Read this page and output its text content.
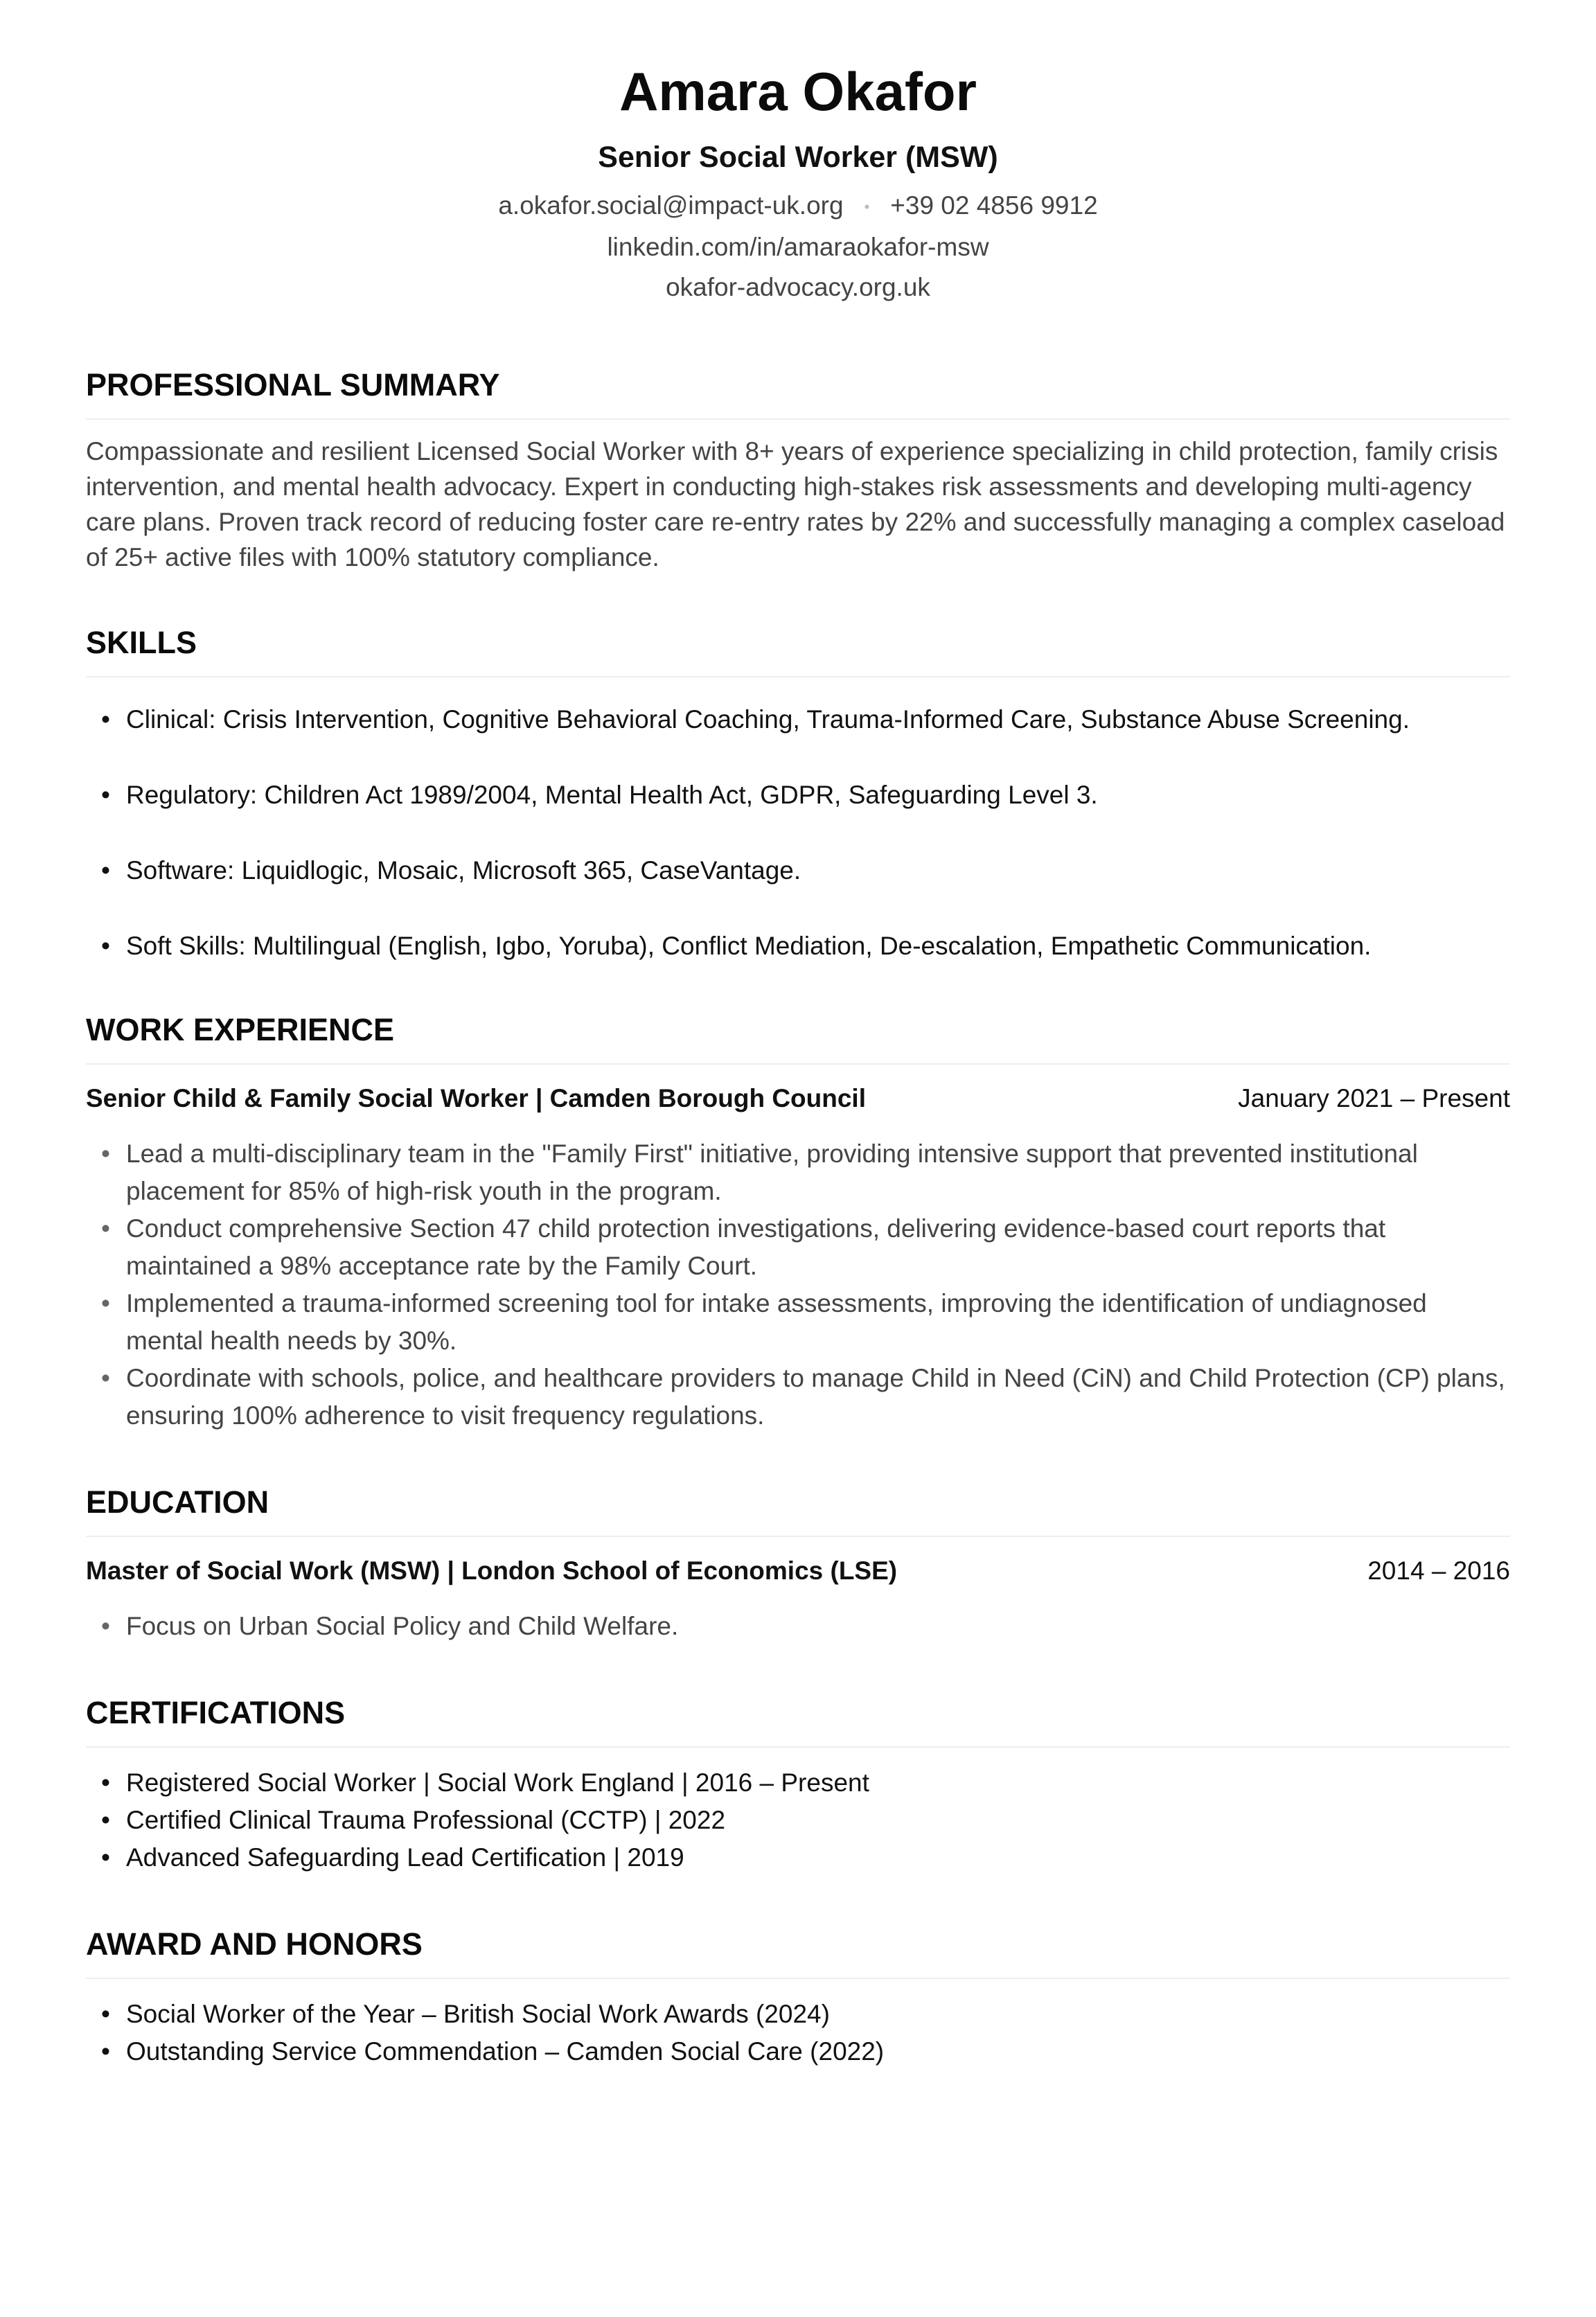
Amara Okafor
Senior Social Worker (MSW)
a.okafor.social@impact-uk.org • +39 02 4856 9912
linkedin.com/in/amaraokafor-msw
okafor-advocacy.org.uk
PROFESSIONAL SUMMARY
Compassionate and resilient Licensed Social Worker with 8+ years of experience specializing in child protection, family crisis intervention, and mental health advocacy. Expert in conducting high-stakes risk assessments and developing multi-agency care plans. Proven track record of reducing foster care re-entry rates by 22% and successfully managing a complex caseload of 25+ active files with 100% statutory compliance.
SKILLS
• Clinical: Crisis Intervention, Cognitive Behavioral Coaching, Trauma-Informed Care, Substance Abuse Screening.
• Regulatory: Children Act 1989/2004, Mental Health Act, GDPR, Safeguarding Level 3.
• Software: Liquidlogic, Mosaic, Microsoft 365, CaseVantage.
• Soft Skills: Multilingual (English, Igbo, Yoruba), Conflict Mediation, De-escalation, Empathetic Communication.
WORK EXPERIENCE
Senior Child & Family Social Worker | Camden Borough Council	January 2021 – Present
• Lead a multi-disciplinary team in the "Family First" initiative, providing intensive support that prevented institutional placement for 85% of high-risk youth in the program.
• Conduct comprehensive Section 47 child protection investigations, delivering evidence-based court reports that maintained a 98% acceptance rate by the Family Court.
• Implemented a trauma-informed screening tool for intake assessments, improving the identification of undiagnosed mental health needs by 30%.
• Coordinate with schools, police, and healthcare providers to manage Child in Need (CiN) and Child Protection (CP) plans, ensuring 100% adherence to visit frequency regulations.
EDUCATION
Master of Social Work (MSW) | London School of Economics (LSE)	2014 – 2016
• Focus on Urban Social Policy and Child Welfare.
CERTIFICATIONS
• Registered Social Worker | Social Work England | 2016 – Present
• Certified Clinical Trauma Professional (CCTP) | 2022
• Advanced Safeguarding Lead Certification | 2019
AWARD AND HONORS
• Social Worker of the Year – British Social Work Awards (2024)
• Outstanding Service Commendation – Camden Social Care (2022)
